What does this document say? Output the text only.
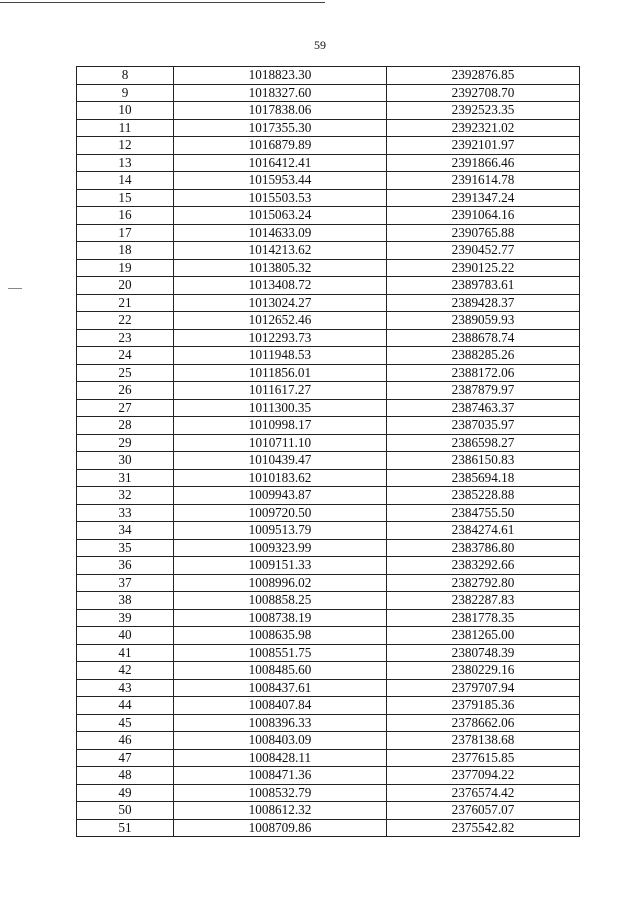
59
8	1018823.30	2392876.85
9	1018327.60	2392708.70
10	1017838.06	2392523.35
11	1017355.30	2392321.02
12	1016879.89	2392101.97
13	1016412.41	2391866.46
14	1015953.44	2391614.78
15	1015503.53	2391347.24
16	1015063.24	2391064.16
17	1014633.09	2390765.88
18	1014213.62	2390452.77
19	1013805.32	2390125.22
20	1013408.72	2389783.61
21	1013024.27	2389428.37
22	1012652.46	2389059.93
23	1012293.73	2388678.74
24	1011948.53	2388285.26
25	1011856.01	2388172.06
26	1011617.27	2387879.97
27	1011300.35	2387463.37
28	1010998.17	2387035.97
29	1010711.10	2386598.27
30	1010439.47	2386150.83
31	1010183.62	2385694.18
32	1009943.87	2385228.88
33	1009720.50	2384755.50
34	1009513.79	2384274.61
35	1009323.99	2383786.80
36	1009151.33	2383292.66
37	1008996.02	2382792.80
38	1008858.25	2382287.83
39	1008738.19	2381778.35
40	1008635.98	2381265.00
41	1008551.75	2380748.39
42	1008485.60	2380229.16
43	1008437.61	2379707.94
44	1008407.84	2379185.36
45	1008396.33	2378662.06
46	1008403.09	2378138.68
47	1008428.11	2377615.85
48	1008471.36	2377094.22
49	1008532.79	2376574.42
50	1008612.32	2376057.07
51	1008709.86	2375542.82
